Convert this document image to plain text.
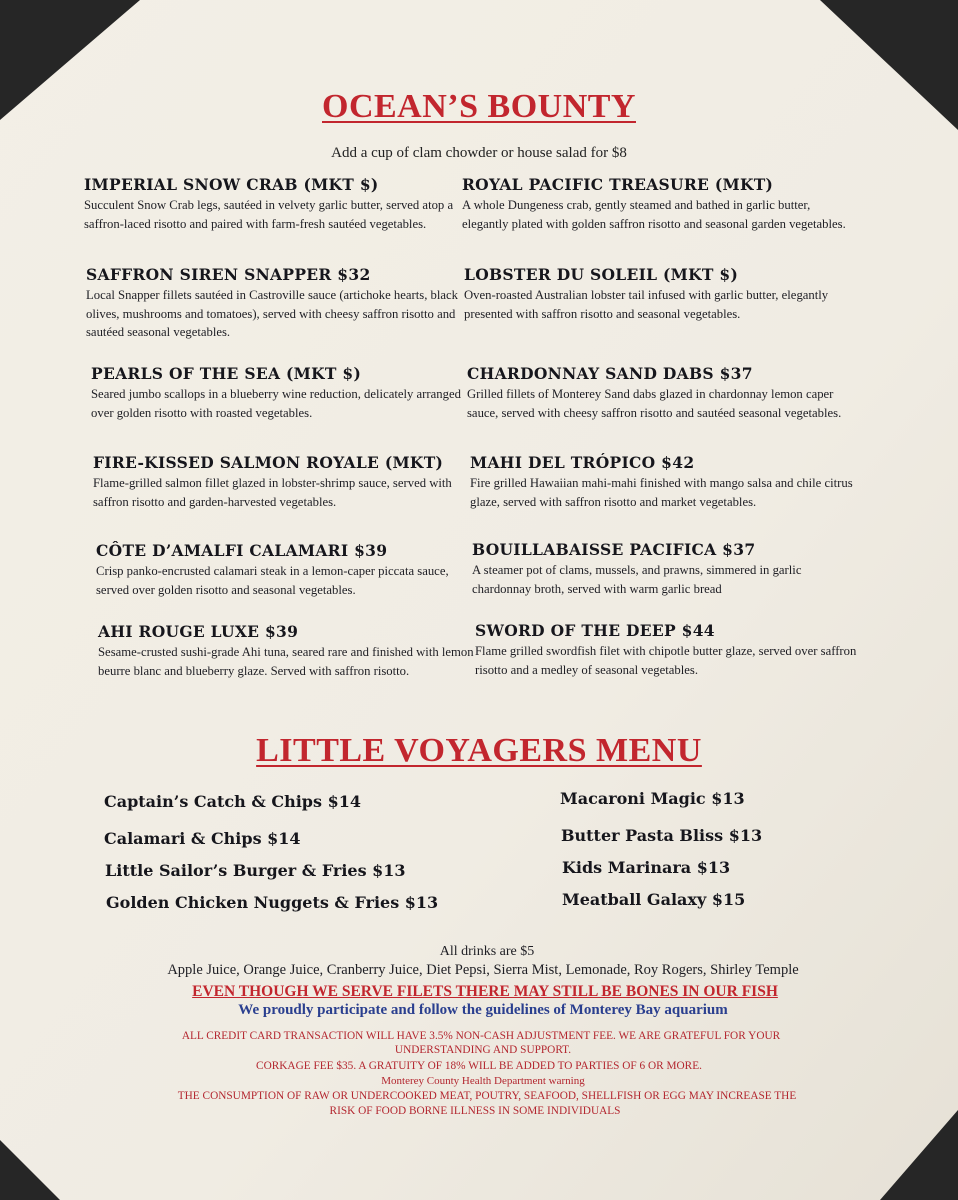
OCEAN’S BOUNTY
Add a cup of clam chowder or house salad for $8
IMPERIAL SNOW CRAB (MKT $)
Succulent Snow Crab legs, sautéed in velvety garlic butter, served atop a saffron-laced risotto and paired with farm-fresh sautéed vegetables.
SAFFRON SIREN SNAPPER $32
Local Snapper fillets sautéed in Castroville sauce (artichoke hearts, black olives, mushrooms and tomatoes), served with cheesy saffron risotto and sautéed seasonal vegetables.
PEARLS OF THE SEA (MKT $)
Seared jumbo scallops in a blueberry wine reduction, delicately arranged over golden risotto with roasted vegetables.
FIRE-KISSED SALMON ROYALE (MKT)
Flame-grilled salmon fillet glazed in lobster-shrimp sauce, served with saffron risotto and garden-harvested vegetables.
CÔTE D’AMALFI CALAMARI $39
Crisp panko-encrusted calamari steak in a lemon-caper piccata sauce, served over golden risotto and seasonal vegetables.
AHI ROUGE LUXE $39
Sesame-crusted sushi-grade Ahi tuna, seared rare and finished with lemon beurre blanc and blueberry glaze. Served with saffron risotto.
ROYAL PACIFIC TREASURE (MKT)
A whole Dungeness crab, gently steamed and bathed in garlic butter, elegantly plated with golden saffron risotto and seasonal garden vegetables.
LOBSTER DU SOLEIL (MKT $)
Oven-roasted Australian lobster tail infused with garlic butter, elegantly presented with saffron risotto and seasonal vegetables.
CHARDONNAY SAND DABS $37
Grilled fillets of Monterey Sand dabs glazed in chardonnay lemon caper sauce, served with cheesy saffron risotto and sautéed seasonal vegetables.
MAHI DEL TRÓPICO $42
Fire grilled Hawaiian mahi-mahi finished with mango salsa and chile citrus glaze, served with saffron risotto and market vegetables.
BOUILLABAISSE PACIFICA $37
A steamer pot of clams, mussels, and prawns, simmered in garlic chardonnay broth, served with warm garlic bread
SWORD OF THE DEEP $44
Flame grilled swordfish filet with chipotle butter glaze, served over saffron risotto and a medley of seasonal vegetables.
LITTLE VOYAGERS MENU
Captain’s Catch & Chips $14
Calamari & Chips $14
Little Sailor’s Burger & Fries $13
Golden Chicken Nuggets & Fries $13
Macaroni Magic $13
Butter Pasta Bliss $13
Kids Marinara $13
Meatball Galaxy $15
All drinks are $5
Apple Juice, Orange Juice, Cranberry Juice, Diet Pepsi, Sierra Mist, Lemonade, Roy Rogers, Shirley Temple
EVEN THOUGH WE SERVE FILETS THERE MAY STILL BE BONES IN OUR FISH
We proudly participate and follow the guidelines of Monterey Bay aquarium
ALL CREDIT CARD TRANSACTION WILL HAVE 3.5% NON-CASH ADJUSTMENT FEE. WE ARE GRATEFUL FOR YOUR
UNDERSTANDING AND SUPPORT.
CORKAGE FEE $35. A GRATUITY OF 18% WILL BE ADDED TO PARTIES OF 6 OR MORE.
Monterey County Health Department warning
THE CONSUMPTION OF RAW OR UNDERCOOKED MEAT, POUTRY, SEAFOOD, SHELLFISH OR EGG MAY INCREASE THE
RISK OF FOOD BORNE ILLNESS IN SOME INDIVIDUALS
